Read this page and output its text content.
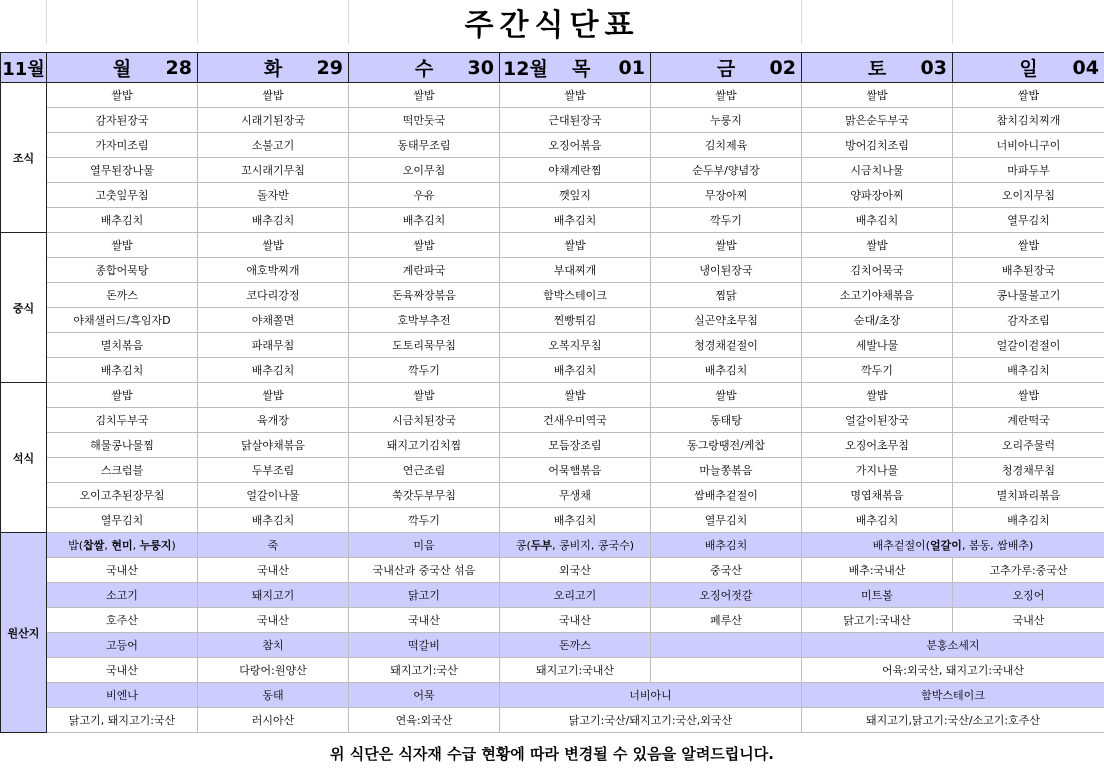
주간식단표
11월	월 28	화 29	수 30	12월 목 01	금 02	토 03	일 04

조식	쌀밥	쌀밥	쌀밥	쌀밥	쌀밥	쌀밥	쌀밥
	감자된장국	시래기된장국	떡만둣국	근대된장국	누룽지	맑은순두부국	참치김치찌개
	가자미조림	소불고기	동태무조림	오징어볶음	김치제육	방어김치조림	너비아니구이
	열무된장나물	꼬시래기무침	오이무침	야채계란찜	순두부/양념장	시금치나물	마파두부
	고춧잎무침	돌자반	우유	깻잎지	무장아찌	양파장아찌	오이지무침
	배추김치	배추김치	배추김치	배추김치	깍두기	배추김치	열무김치
중식	쌀밥	쌀밥	쌀밥	쌀밥	쌀밥	쌀밥	쌀밥
	종합어묵탕	애호박찌개	계란파국	부대찌개	냉이된장국	김치어묵국	배추된장국
	돈까스	코다리강정	돈육짜장볶음	함박스테이크	찜닭	소고기야채볶음	콩나물불고기
	야채샐러드/흑임자D	야채쫄면	호박부추전	찐빵튀김	실곤약초무침	순대/초장	감자조림
	멸치볶음	파래무침	도토리묵무침	오복지무침	청경채겉절이	세발나물	얼갈이겉절이
	배추김치	배추김치	깍두기	배추김치	배추김치	깍두기	배추김치
석식	쌀밥	쌀밥	쌀밥	쌀밥	쌀밥	쌀밥	쌀밥
	김치두부국	육개장	시금치된장국	건새우미역국	동태탕	얼갈이된장국	계란떡국
	해물콩나물찜	닭살야채볶음	돼지고기김치찜	모듬장조림	동그랑땡전/케찹	오징어초무침	오리주물럭
	스크럼블	두부조림	연근조림	어묵햄볶음	마늘쫑볶음	가지나물	청경채무침
	오이고추된장무침	얼갈이나물	쑥갓두부무침	무생채	쌈배추겉절이	명엽채볶음	멸치꽈리볶음
	열무김치	배추김치	깍두기	배추김치	열무김치	배추김치	배추김치
원산지	밥(찹쌀, 현미, 누룽지)	죽	미음	콩(두부, 콩비지, 콩국수)	배추김치	배추겉절이(얼갈이, 봄동, 쌈배추)	
	국내산	국내산	국내산과 중국산 섞음	외국산	중국산	배추:국내산	고추가루:중국산
	소고기	돼지고기	닭고기	오리고기	오징어젓갈	미트볼	오징어
	호주산	국내산	국내산	국내산	페루산	닭고기:국내산	국내산
	고등어	참치	떡갈비	돈까스		분홍소세지	
	국내산	다랑어:원양산	돼지고기:국산	돼지고기:국내산		어육:외국산, 돼지고기:국내산	
	비엔나	동태	어묵	너비아니		함박스테이크	
	닭고기, 돼지고기:국산	러시아산	연육:외국산	닭고기:국산/돼지고기:국산,외국산		돼지고기,닭고기:국산/소고기:호주산	
위 식단은 식자재 수급 현황에 따라 변경될 수 있음을 알려드립니다.
